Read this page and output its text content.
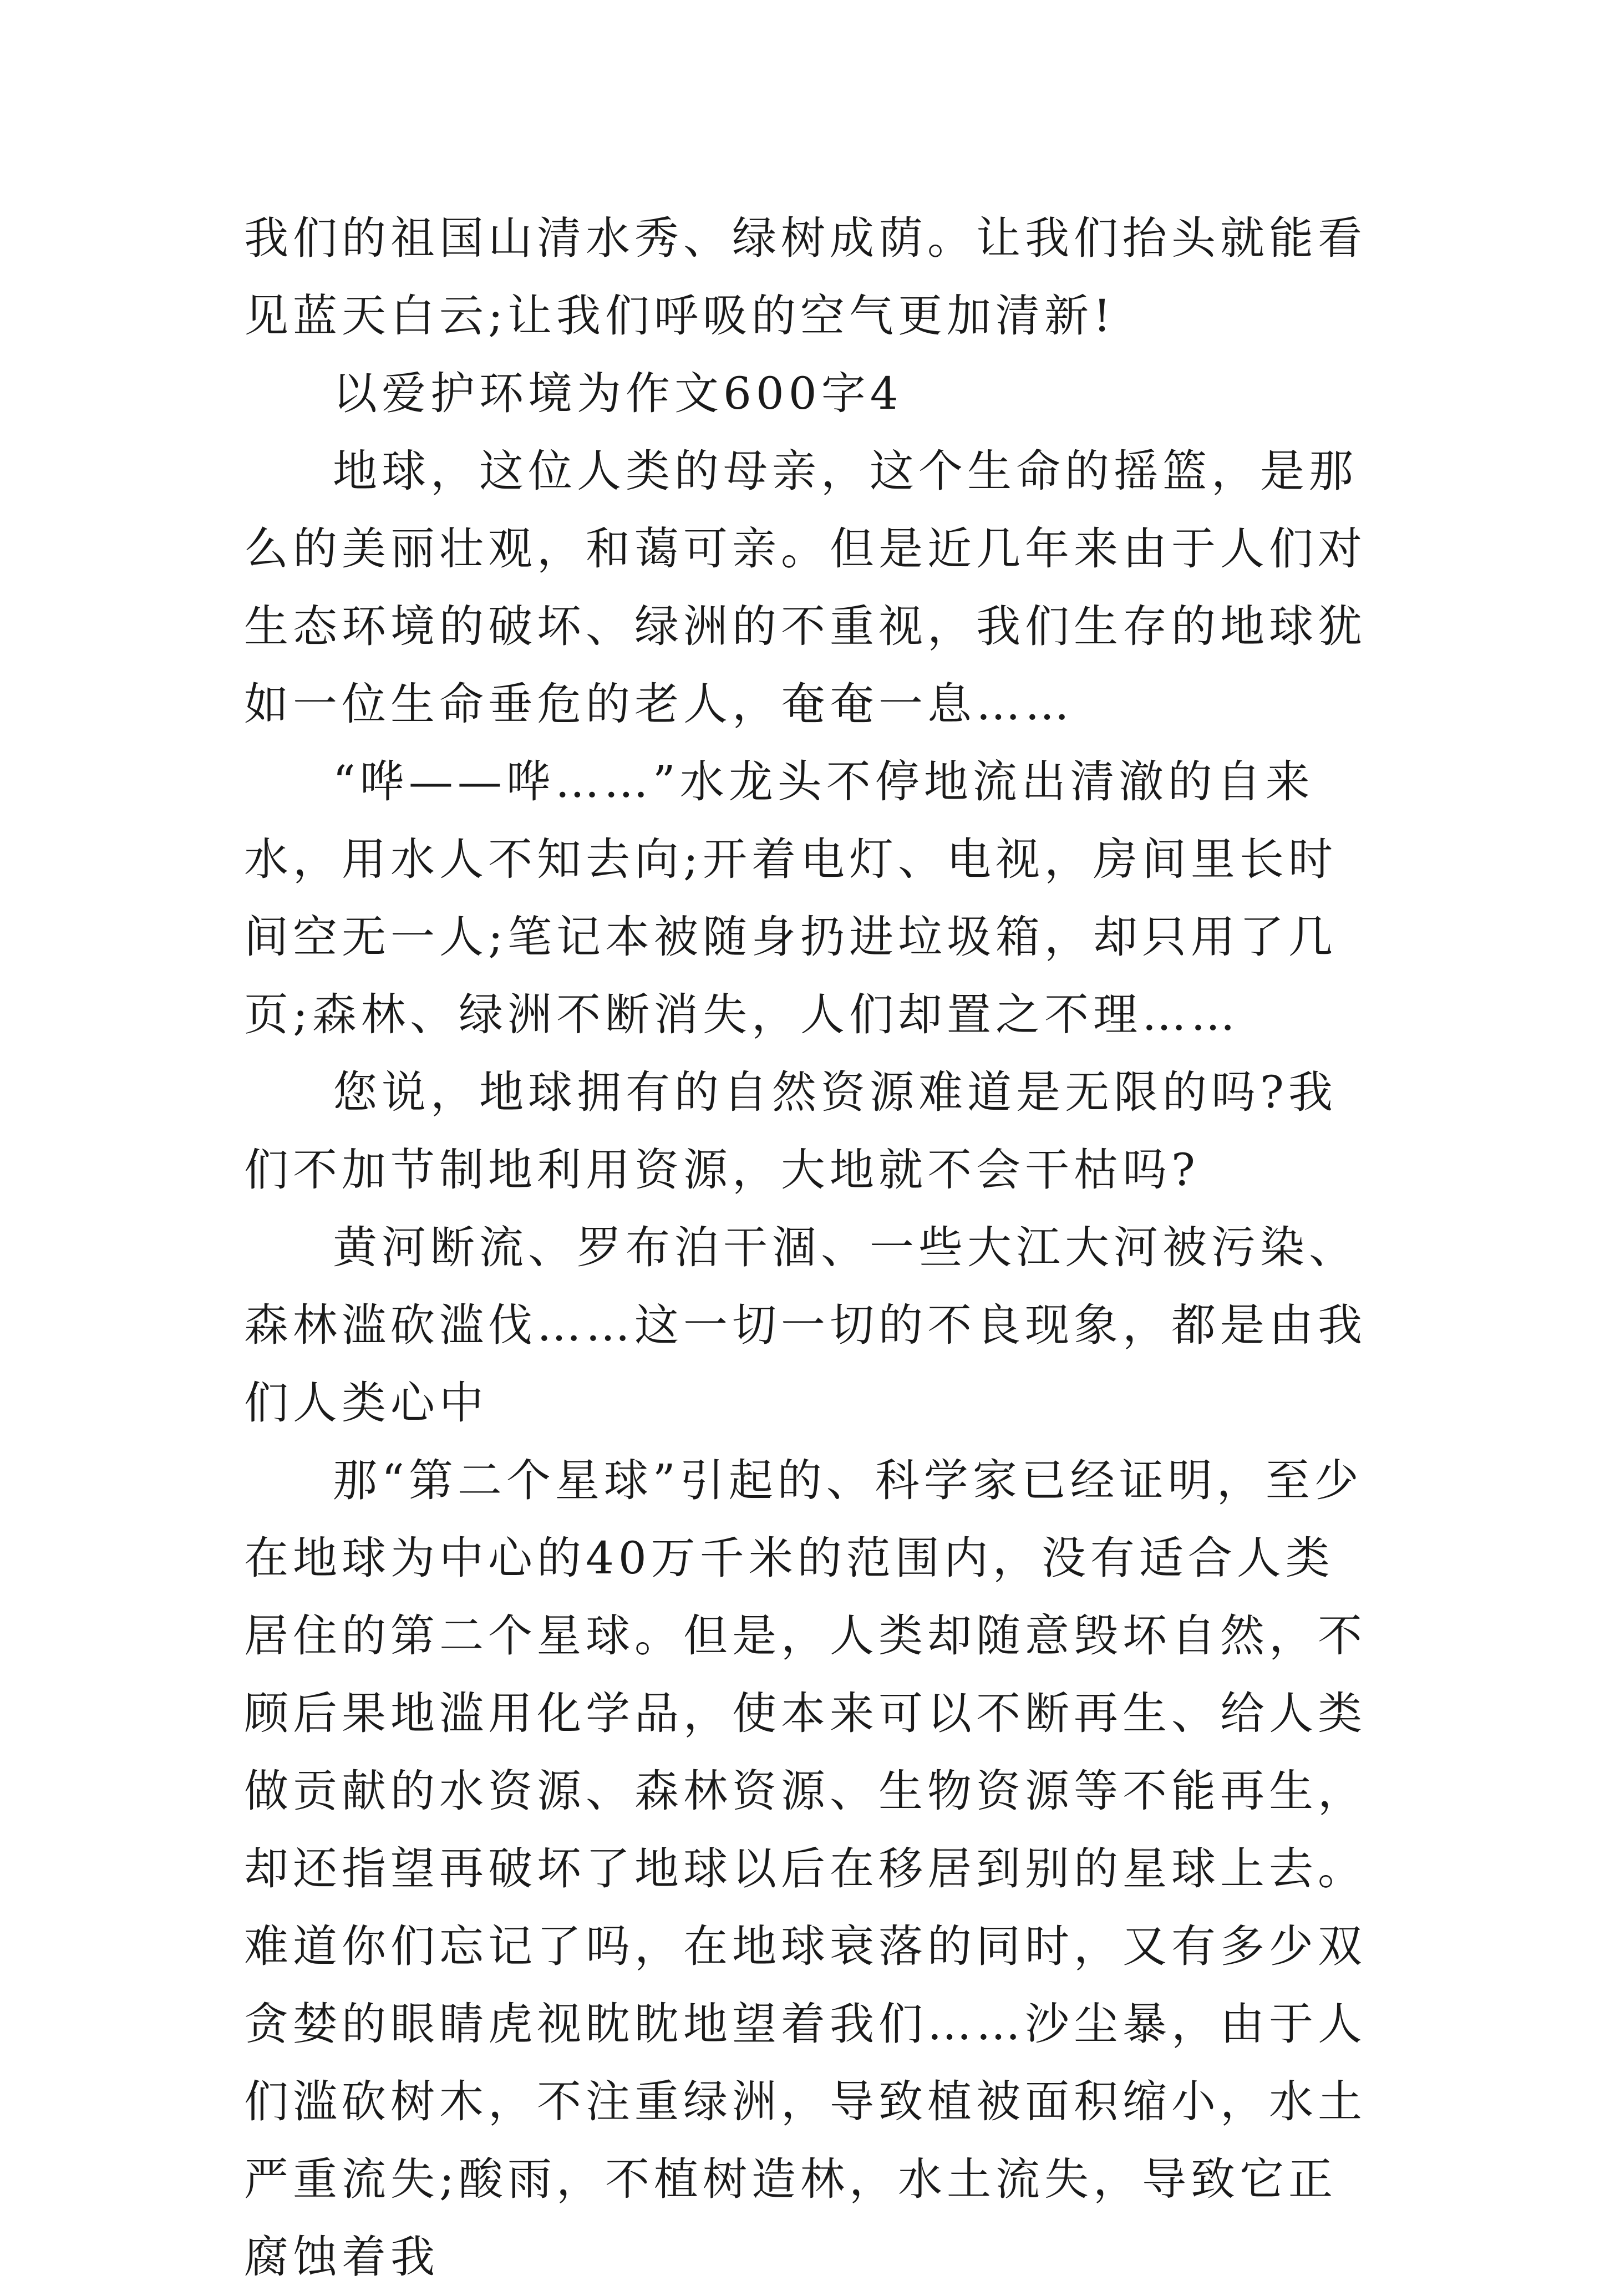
我们的祖国山清水秀、绿树成荫。让我们抬头就能看见蓝天白云;让我们呼吸的空气更加清新!

以爱护环境为作文600字4

地球，这位人类的母亲，这个生命的摇篮，是那么的美丽壮观，和蔼可亲。但是近几年来由于人们对生态环境的破坏、绿洲的不重视，我们生存的地球犹如一位生命垂危的老人，奄奄一息……

“哗——哗……”水龙头不停地流出清澈的自来水，用水人不知去向;开着电灯、电视，房间里长时间空无一人;笔记本被随身扔进垃圾箱，却只用了几页;森林、绿洲不断消失，人们却置之不理……

您说，地球拥有的自然资源难道是无限的吗?我们不加节制地利用资源，大地就不会干枯吗?

黄河断流、罗布泊干涸、一些大江大河被污染、森林滥砍滥伐……这一切一切的不良现象，都是由我们人类心中

那“第二个星球”引起的、科学家已经证明，至少在地球为中心的40万千米的范围内，没有适合人类居住的第二个星球。但是，人类却随意毁坏自然，不顾后果地滥用化学品，使本来可以不断再生、给人类做贡献的水资源、森林资源、生物资源等不能再生，却还指望再破坏了地球以后在移居到别的星球上去。难道你们忘记了吗，在地球衰落的同时，又有多少双贪婪的眼睛虎视眈眈地望着我们……沙尘暴，由于人们滥砍树木，不注重绿洲，导致植被面积缩小，水土严重流失;酸雨，不植树造林，水土流失，导致它正腐蚀着我
